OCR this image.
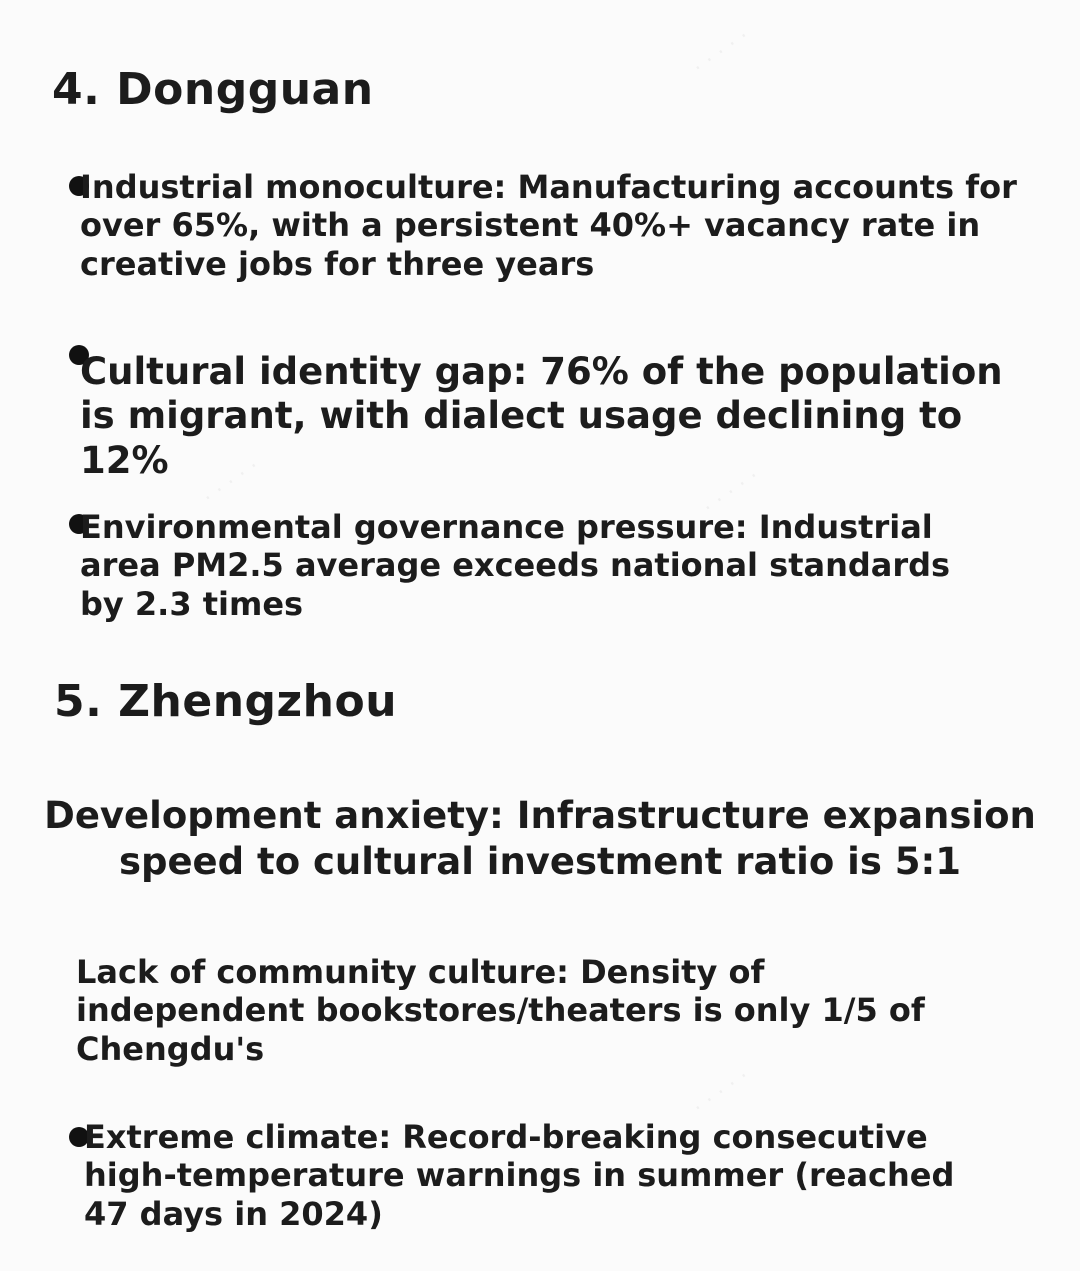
4. Dongguan

Industrial monoculture: Manufacturing accounts for over 65%, with a persistent 40%+ vacancy rate in creative jobs for three years

Cultural identity gap: 76% of the population is migrant, with dialect usage declining to 12%

Environmental governance pressure: Industrial area PM2.5 average exceeds national standards by 2.3 times

5. Zhengzhou

Development anxiety: Infrastructure expansion speed to cultural investment ratio is 5:1

Lack of community culture: Density of independent bookstores/theaters is only 1/5 of Chengdu's

Extreme climate: Record-breaking consecutive high-temperature warnings in summer (reached 47 days in 2024)
